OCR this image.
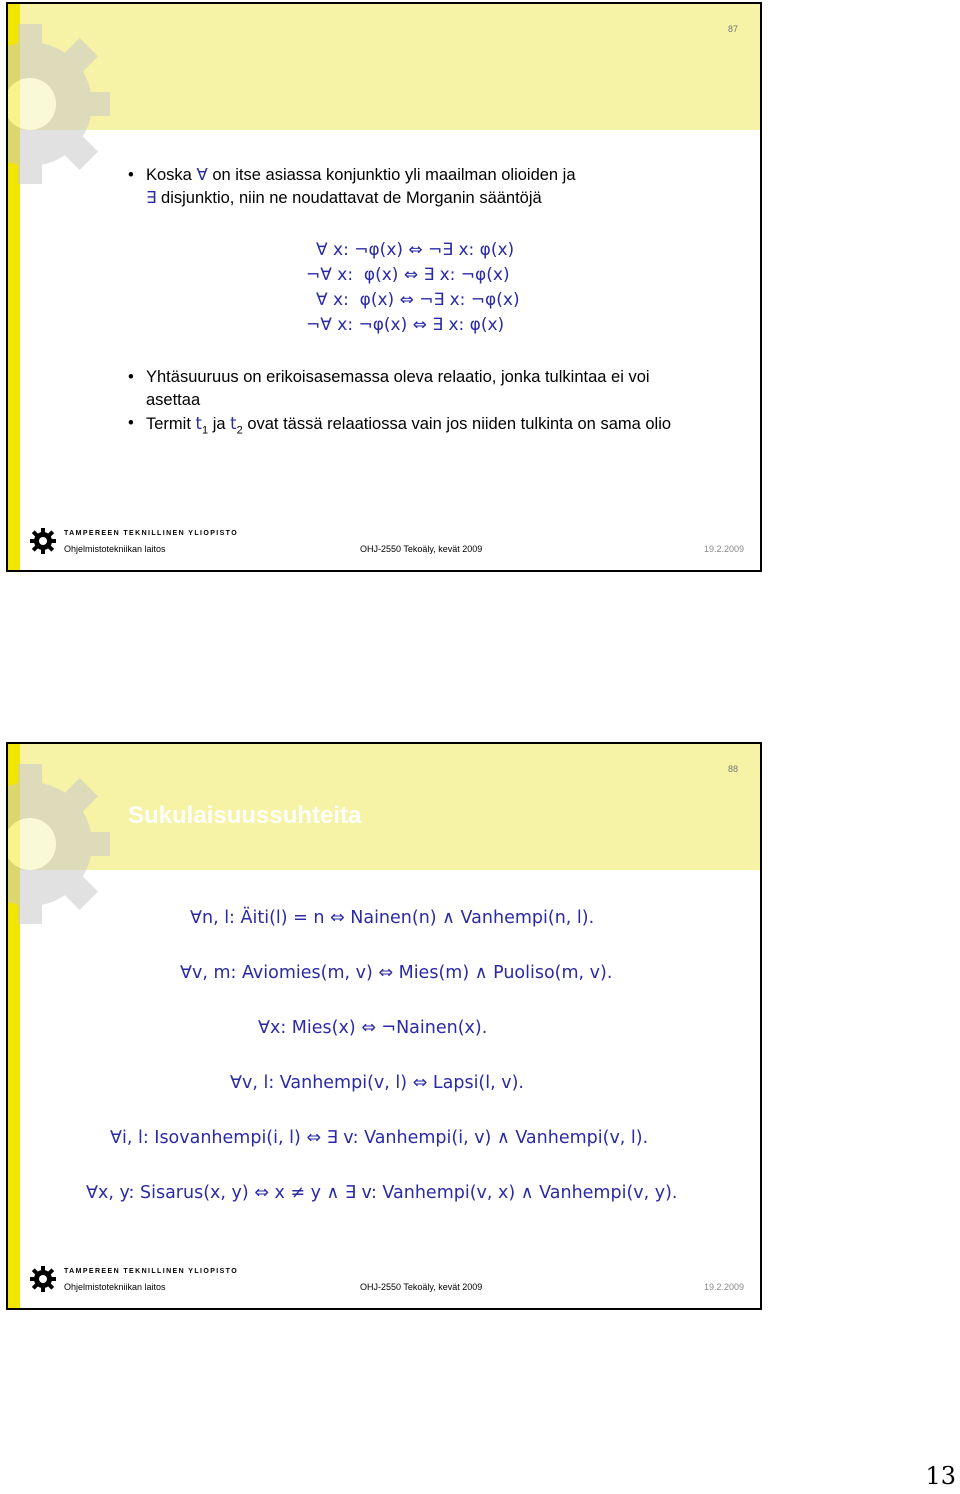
87
• Koska ∀ on itse asiassa konjunktio yli maailman olioiden ja
∃ disjunktio, niin ne noudattavat de Morganin sääntöjä
∀ x: ¬φ(x) ⇔ ¬∃ x: φ(x)
¬∀ x:  φ(x) ⇔ ∃ x: ¬φ(x)
∀ x:  φ(x) ⇔ ¬∃ x: ¬φ(x)
¬∀ x: ¬φ(x) ⇔ ∃ x: φ(x)
• Yhtäsuuruus on erikoisasemassa oleva relaatio, jonka tulkintaa ei voi asettaa
• Termit $t_1$ ja $t_2$ ovat tässä relaatiossa vain jos niiden tulkinta on sama olio
TAMPEREEN TEKNILLINEN YLIOPISTO
Ohjelmistotekniikan laitos	OHJ-2550 Tekoäly, kevät 2009	19.2.2009
88
Sukulaisuussuhteita
∀n, l: Äiti(l) = n ⇔ Nainen(n) ∧ Vanhempi(n, l).
∀v, m: Aviomies(m, v) ⇔ Mies(m) ∧ Puoliso(m, v).
∀x: Mies(x) ⇔ ¬Nainen(x).
∀v, l: Vanhempi(v, l) ⇔ Lapsi(l, v).
∀i, l: Isovanhempi(i, l) ⇔ ∃ v: Vanhempi(i, v) ∧ Vanhempi(v, l).
∀x, y: Sisarus(x, y) ⇔ x ≠ y ∧ ∃ v: Vanhempi(v, x) ∧ Vanhempi(v, y).
TAMPEREEN TEKNILLINEN YLIOPISTO
Ohjelmistotekniikan laitos	OHJ-2550 Tekoäly, kevät 2009	19.2.2009
13
